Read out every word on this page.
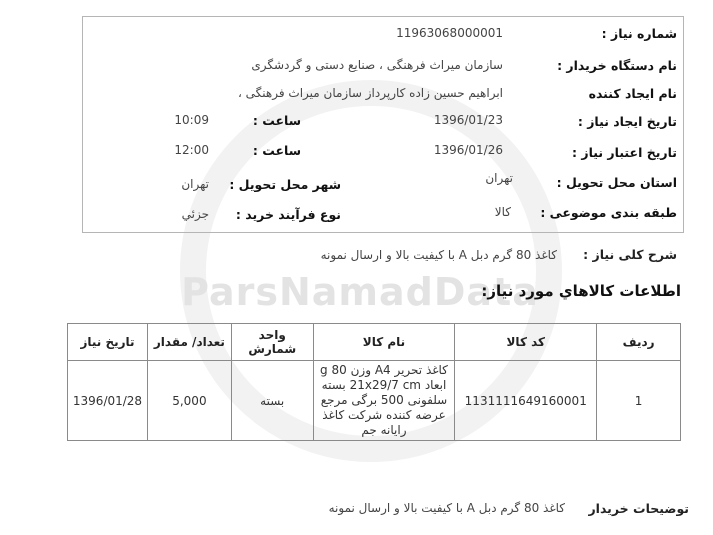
ParsNamadData
شماره نیاز :
11963068000001
نام دستگاه خریدار :
سازمان میراث فرهنگی ، صنایع دستی و گردشگری
نام ایجاد کننده
ابراهیم حسین زاده کارپرداز سازمان میراث فرهنگی ،
تاریخ ایجاد نیاز :
1396/01/23
ساعت :
10:09
تاریخ اعتبار نیاز :
1396/01/26
ساعت :
12:00
استان محل تحویل :
تهران
شهر محل تحویل :
تهران
طبقه بندی موضوعی :
کالا
نوع فرآیند خرید :
جزئي
شرح کلی نیاز :
کاغذ 80 گرم دبل A با کیفیت بالا و ارسال نمونه
اطلاعات کالاهاي مورد نياز:
ردیف	کد کالا	نام کالا	واحد شمارش	تعداد/ مقدار	تاریخ نیاز
1	1131111649160001	کاغذ تحریر A4 وزن 80 g ابعاد 21x29/7 cm بسته سلفونی 500 برگی مرجع عرضه کننده شرکت کاغذ رایانه جم	بسته	5,000	1396/01/28
توضیحات خریدار
کاغذ 80 گرم دبل A با کیفیت بالا و ارسال نمونه
